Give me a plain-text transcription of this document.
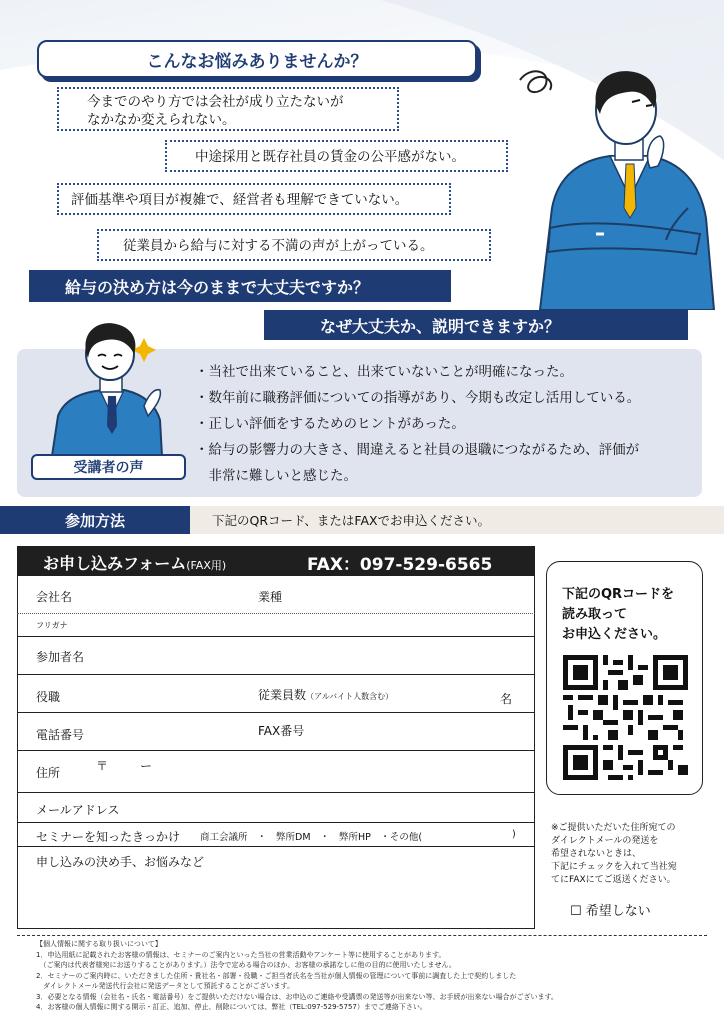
こんなお悩みありませんか？
今までのやり方では会社が成り立たないが
なかなか変えられない。
中途採用と既存社員の賃金の公平感がない。
評価基準や項目が複雑で、経営者も理解できていない。
従業員から給与に対する不満の声が上がっている。
給与の決め方は今のままで大丈夫ですか？
なぜ大丈夫か、説明できますか？
受講者の声
・当社で出来ていること、出来ていないことが明確になった。
・数年前に職務評価についての指導があり、今期も改定し活用している。
・正しい評価をするためのヒントがあった。
・給与の影響力の大きさ、間違えると社員の退職につながるため、評価が
　非常に難しいと感じた。
参加方法	下記のQRコード、またはFAXでお申込ください。
お申し込みフォーム(FAX用)	FAX：097-529-6565
会社名	業種
フリガナ
参加者名
役職	従業員数（アルバイト人数含む）	名
電話番号	FAX番号
住所	〒	ー
メールアドレス
セミナーを知ったきっかけ 商工会議所　・　弊所DM　・　弊所HP　・その他(	)
申し込みの決め手、お悩みなど
下記のQRコードを
読み取って
お申込ください。
※ご提供いただいた住所宛ての
ダイレクトメールの発送を
希望されないときは、
下記にチェックを入れて当社宛
てにFAXにてご返送ください。
☐ 希望しない
【個人情報に関する取り扱いについて】
1．申込用紙に記載されたお客様の情報は、セミナーのご案内といった当社の営業活動やアンケート等に使用することがあります。
　（ご案内は代表者様宛にお送りすることがあります。）法令で定める場合のほか、お客様の承諾なしに他の目的に使用いたしません。
2．セミナーのご案内時に、いただきました住所・貴社名・部署・役職・ご担当者氏名を当社が個人情報の管理について事前に調査した上で契約しました
　ダイレクトメール発送代行会社に発送データとして預託することがございます。
3．必要となる情報（会社名・氏名・電話番号）をご提供いただけない場合は、お申込のご連絡や受講票の発送等が出来ない等、お手続が出来ない場合がございます。
4．お客様の個人情報に関する開示・訂正、追加、停止、削除については、弊社（TEL:097-529-5757）までご連絡下さい。
